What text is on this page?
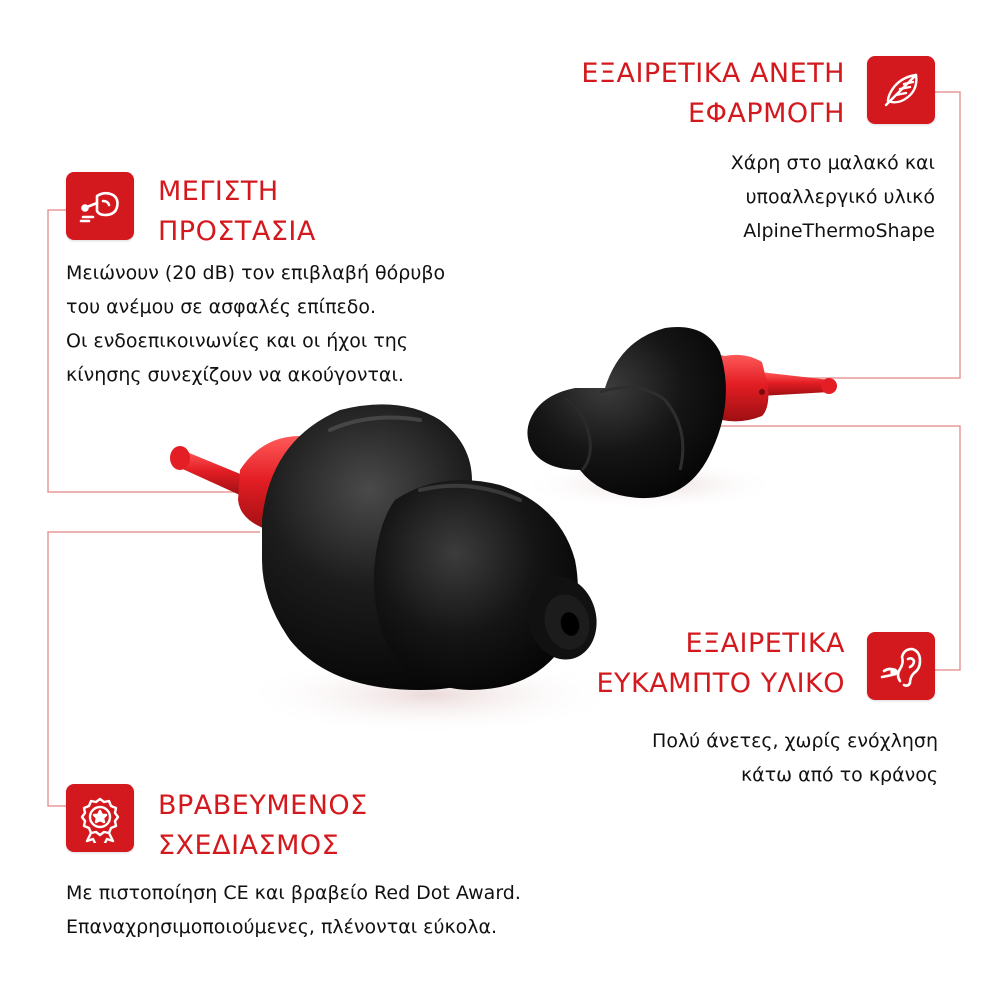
ΜΕΓΙΣΤΗ
ΠΡΟΣΤΑΣΙΑ
Μειώνουν (20 dB) τον επιβλαβή θόρυβο
του ανέμου σε ασφαλές επίπεδο.
Οι ενδοεπικοινωνίες και οι ήχοι της
κίνησης συνεχίζουν να ακούγονται.
ΕΞΑΙΡΕΤΙΚΑ ΑΝΕΤΗ
ΕΦΑΡΜΟΓΗ
Χάρη στο μαλακό και
υποαλλεργικό υλικό
AlpineThermoShape
ΕΞΑΙΡΕΤΙΚΑ
ΕΥΚΑΜΠΤΟ ΥΛΙΚΟ
Πολύ άνετες, χωρίς ενόχληση
κάτω από το κράνος
ΒΡΑΒΕΥΜΕΝΟΣ
ΣΧΕΔΙΑΣΜΟΣ
Με πιστοποίηση CE και βραβείο Red Dot Award.
Επαναχρησιμοποιούμενες, πλένονται εύκολα.
